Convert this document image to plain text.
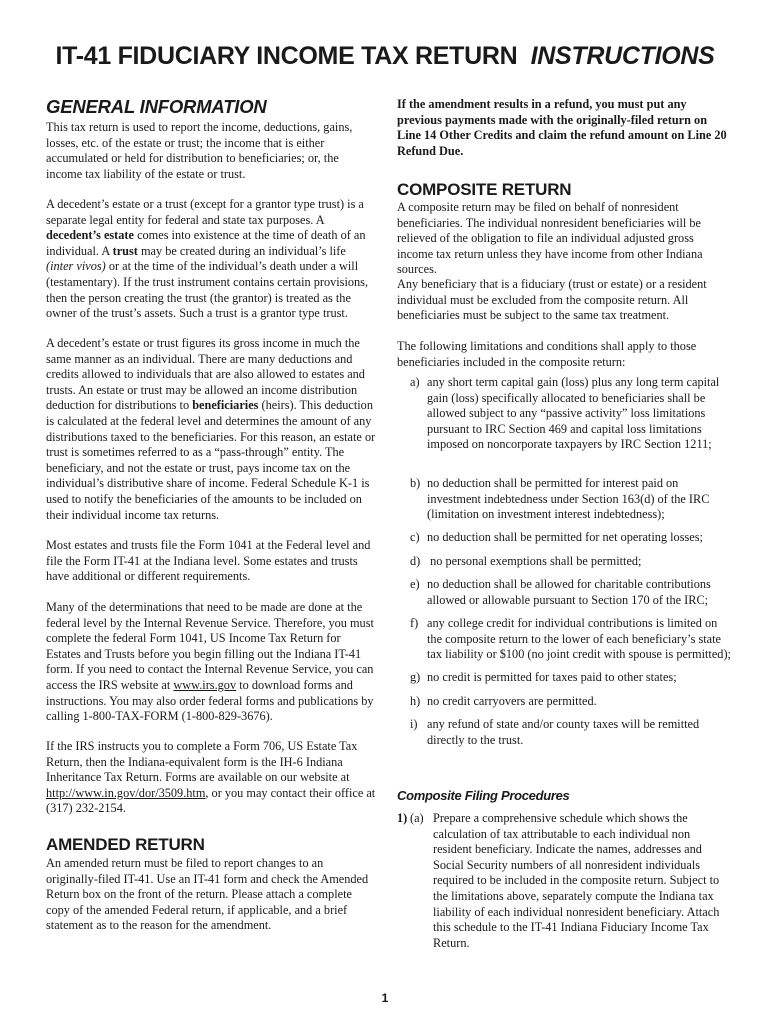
IT-41 FIDUCIARY INCOME TAX RETURN INSTRUCTIONS
GENERAL INFORMATION

This tax return is used to report the income, deductions, gains, losses, etc. of the estate or trust; the income that is either accumulated or held for distribution to beneficiaries; or, the income tax liability of the estate or trust.

A decedent’s estate or a trust (except for a grantor type trust) is a separate legal entity for federal and state tax purposes. A decedent’s estate comes into existence at the time of death of an individual. A trust may be created during an individual’s life (inter vivos) or at the time of the individual’s death under a will (testamentary). If the trust instrument contains certain provisions, then the person creating the trust (the grantor) is treated as the owner of the trust’s assets. Such a trust is a grantor type trust.

A decedent’s estate or trust figures its gross income in much the same manner as an individual. There are many deductions and credits allowed to individuals that are also allowed to estates and trusts. An estate or trust may be allowed an income distribution deduction for distributions to beneficiaries (heirs). This deduction is calculated at the federal level and determines the amount of any distributions taxed to the beneficiaries. For this reason, an estate or trust is sometimes referred to as a “pass-through” entity. The beneficiary, and not the estate or trust, pays income tax on the individual’s distributive share of income. Federal Schedule K-1 is used to notify the beneficiaries of the amounts to be included on their individual income tax returns.

Most estates and trusts file the Form 1041 at the Federal level and file the Form IT-41 at the Indiana level. Some estates and trusts have additional or different requirements.

Many of the determinations that need to be made are done at the federal level by the Internal Revenue Service. Therefore, you must complete the federal Form 1041, US Income Tax Return for Estates and Trusts before you begin filling out the Indiana IT-41 form. If you need to contact the Internal Revenue Service, you can access the IRS website at www.irs.gov to download forms and instructions. You may also order federal forms and publications by calling 1-800-TAX-FORM (1-800-829-3676).

If the IRS instructs you to complete a Form 706, US Estate Tax Return, then the Indiana-equivalent form is the IH-6 Indiana Inheritance Tax Return. Forms are available on our website at http://www.in.gov/dor/3509.htm, or you may contact their office at (317) 232-2154.

AMENDED RETURN

An amended return must be filed to report changes to an originally-filed IT-41. Use an IT-41 form and check the Amended Return box on the front of the return. Please attach a complete copy of the amended Federal return, if applicable, and a brief statement as to the reason for the amendment.

If the amendment results in a refund, you must put any previous payments made with the originally-filed return on Line 14 Other Credits and claim the refund amount on Line 20 Refund Due.

COMPOSITE RETURN

A composite return may be filed on behalf of nonresident beneficiaries. The individual nonresident beneficiaries will be relieved of the obligation to file an individual adjusted gross income tax return unless they have income from other Indiana sources.

Any beneficiary that is a fiduciary (trust or estate) or a resident individual must be excluded from the composite return. All beneficiaries must be subject to the same tax treatment.

The following limitations and conditions shall apply to those beneficiaries included in the composite return:

a) any short term capital gain (loss) plus any long term capital gain (loss) specifically allocated to beneficiaries shall be allowed subject to any “passive activity” loss limitations pursuant to IRC Section 469 and capital loss limitations imposed on noncorporate taxpayers by IRC Section 1211;

b) no deduction shall be permitted for interest paid on investment indebtedness under Section 163(d) of the IRC (limitation on investment interest indebtedness);

c) no deduction shall be permitted for net operating losses;

d) no personal exemptions shall be permitted;

e) no deduction shall be allowed for charitable contributions allowed or allowable pursuant to Section 170 of the IRC;

f) any college credit for individual contributions is limited on the composite return to the lower of each beneficiary’s state tax liability or $100 (no joint credit with spouse is permitted);

g) no credit is permitted for taxes paid to other states;

h) no credit carryovers are permitted.

i) any refund of state and/or county taxes will be remitted directly to the trust.

Composite Filing Procedures

1) (a) Prepare a comprehensive schedule which shows the calculation of tax attributable to each individual non resident beneficiary. Indicate the names, addresses and Social Security numbers of all nonresident individuals required to be included in the composite return. Subject to the limitations above, separately compute the Indiana tax liability of each individual nonresident beneficiary. Attach this schedule to the IT-41 Indiana Fiduciary Income Tax Return.

1
